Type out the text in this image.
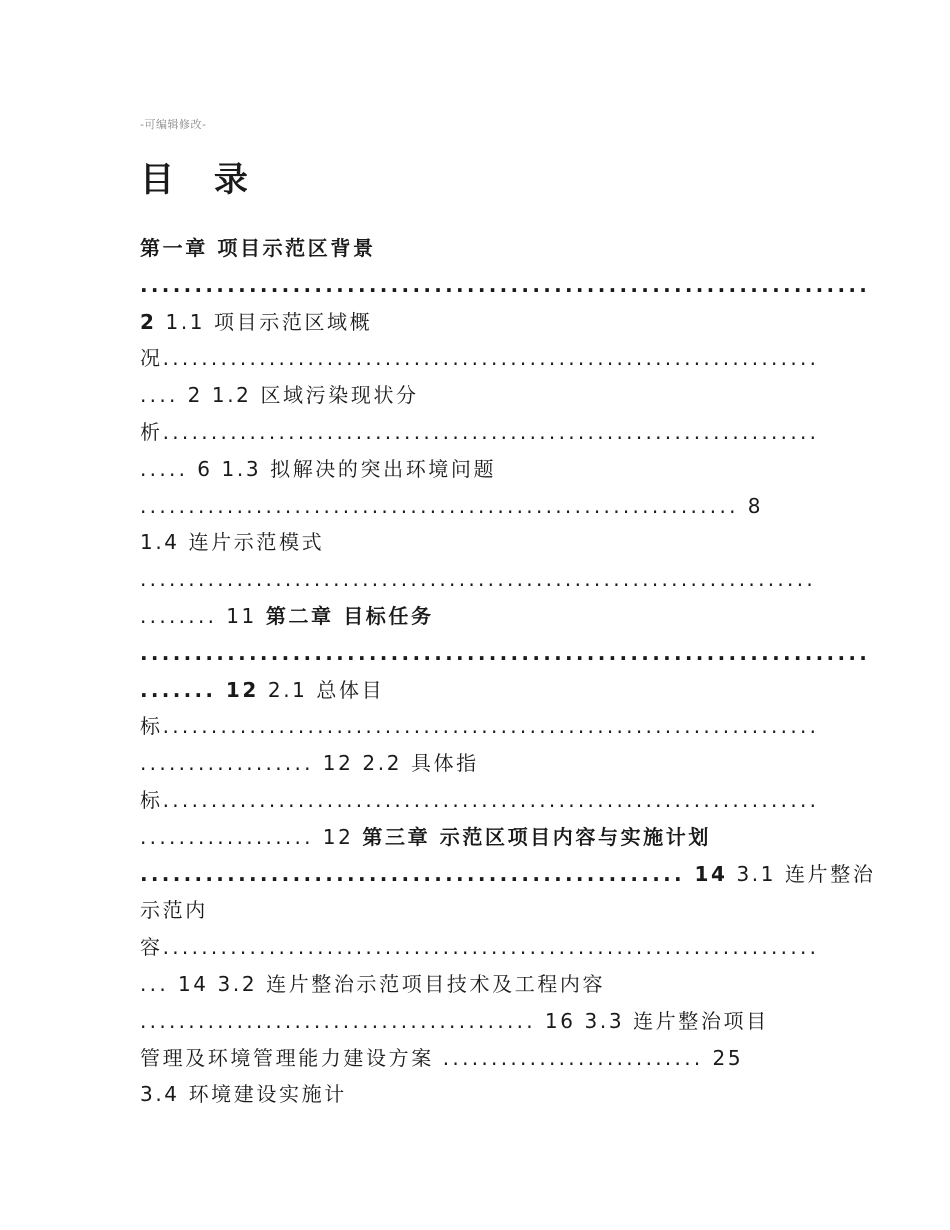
-可编辑修改-
目 录
第一章 项目示范区背景
...................................................................
2 1.1 项目示范区域概
况....................................................................
.... 2 1.2 区域污染现状分
析....................................................................
..... 6 1.3 拟解决的突出环境问题
.............................................................. 8
1.4 连片示范模式
......................................................................
........ 11 第二章 目标任务
...................................................................
....... 12 2.1 总体目
标....................................................................
.................. 12 2.2 具体指
标....................................................................
.................. 12 第三章 示范区项目内容与实施计划
.................................................. 14 3.1 连片整治
示范内
容....................................................................
... 14 3.2 连片整治示范项目技术及工程内容
......................................... 16 3.3 连片整治项目
管理及环境管理能力建设方案 ........................... 25
3.4 环境建设实施计
